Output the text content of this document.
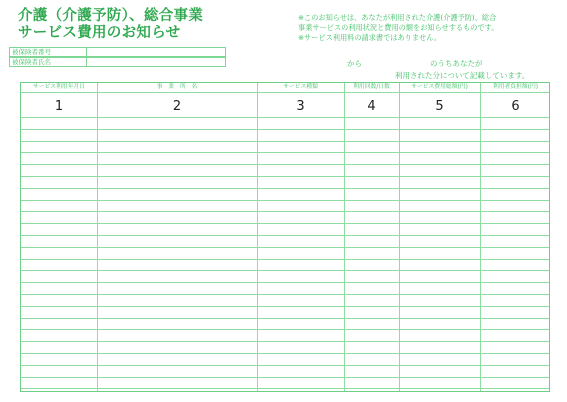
介護（介護予防）、総合事業
サービス費用のお知らせ
※このお知らせは、あなたが利用された介護(介護予防)、総合
事業サービスの利用状況と費用の額をお知らせするものです。
※サービス利用料の請求書ではありません。
被保険者番号
被保険者氏名	から	のうちあなたが
利用された分について記載しています。
サービス利用年月日	事　業　所　名	サービス種類	利用回数/日数	サービス費用総額(円)	利用者負担額(円)
1	2	3	4	5	6
